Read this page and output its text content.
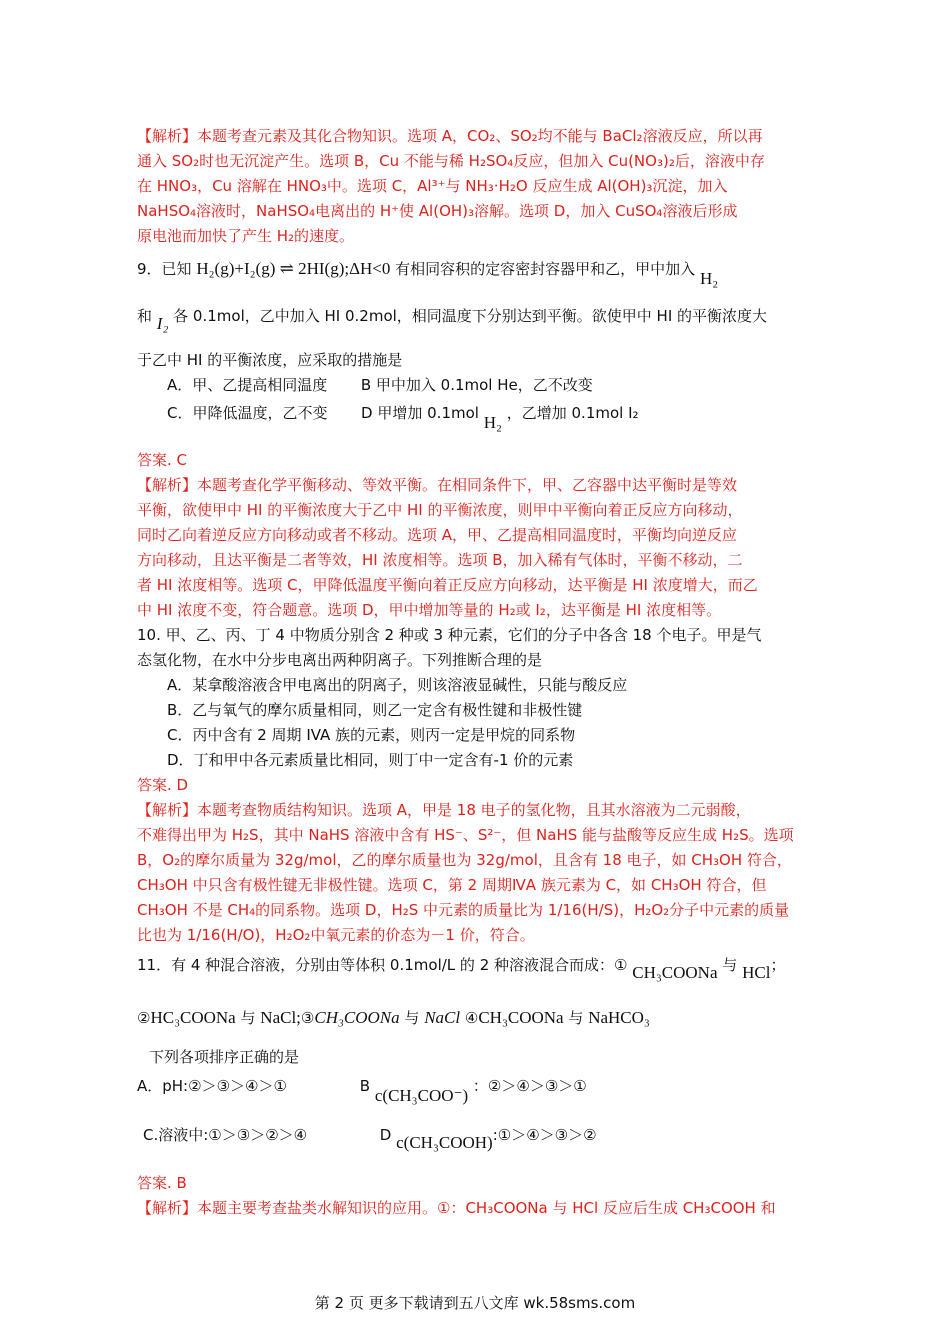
【解析】本题考查元素及其化合物知识。选项 A，CO₂、SO₂均不能与 BaCl₂溶液反应，所以再
通入 SO₂时也无沉淀产生。选项 B，Cu 不能与稀 H₂SO₄反应，但加入 Cu(NO₃)₂后，溶液中存
在 HNO₃，Cu 溶解在 HNO₃中。选项 C，Al³⁺与 NH₃·H₂O 反应生成 Al(OH)₃沉淀，加入
NaHSO₄溶液时，NaHSO₄电离出的 H⁺使 Al(OH)₃溶解。选项 D，加入 CuSO₄溶液后形成
原电池而加快了产生 H₂的速度。
9．已知 H₂(g)+I₂(g) ⇌ 2HI(g);ΔH<0 有相同容积的定容密封容器甲和乙，甲中加入 H₂
和 I₂ 各 0.1mol，乙中加入 HI 0.2mol，相同温度下分别达到平衡。欲使甲中 HI 的平衡浓度大
于乙中 HI 的平衡浓度，应采取的措施是
A．甲、乙提高相同温度 B 甲中加入 0.1mol He，乙不改变
C．甲降低温度，乙不变 D 甲增加 0.1mol H₂ ，乙增加 0.1mol I₂
答案. C
【解析】本题考查化学平衡移动、等效平衡。在相同条件下，甲、乙容器中达平衡时是等效
平衡，欲使甲中 HI 的平衡浓度大于乙中 HI 的平衡浓度，则甲中平衡向着正反应方向移动，
同时乙向着逆反应方向移动或者不移动。选项 A，甲、乙提高相同温度时，平衡均向逆反应
方向移动，且达平衡是二者等效，HI 浓度相等。选项 B，加入稀有气体时，平衡不移动，二
者 HI 浓度相等。选项 C，甲降低温度平衡向着正反应方向移动，达平衡是 HI 浓度增大，而乙
中 HI 浓度不变，符合题意。选项 D，甲中增加等量的 H₂或 I₂，达平衡是 HI 浓度相等。
10. 甲、乙、丙、丁 4 中物质分别含 2 种或 3 种元素，它们的分子中各含 18 个电子。甲是气
态氢化物，在水中分步电离出两种阴离子。下列推断合理的是
A．某拿酸溶液含甲电离出的阴离子，则该溶液显碱性，只能与酸反应
B．乙与氧气的摩尔质量相同，则乙一定含有极性键和非极性键
C．丙中含有 2 周期 IVA 族的元素，则丙一定是甲烷的同系物
D．丁和甲中各元素质量比相同，则丁中一定含有-1 价的元素
答案. D
【解析】本题考查物质结构知识。选项 A，甲是 18 电子的氢化物，且其水溶液为二元弱酸，
不难得出甲为 H₂S，其中 NaHS 溶液中含有 HS⁻、S²⁻，但 NaHS 能与盐酸等反应生成 H₂S。选项
B，O₂的摩尔质量为 32g/mol，乙的摩尔质量也为 32g/mol，且含有 18 电子，如 CH₃OH 符合，
CH₃OH 中只含有极性键无非极性键。选项 C，第 2 周期ⅣA 族元素为 C，如 CH₃OH 符合，但
CH₃OH 不是 CH₄的同系物。选项 D，H₂S 中元素的质量比为 1/16(H/S)，H₂O₂分子中元素的质量
比也为 1/16(H/O)，H₂O₂中氧元素的价态为－1 价，符合。
11．有 4 种混合溶液，分别由等体积 0.1mol/L 的 2 种溶液混合而成：① CH₃COONa 与 HCl；
②HC₃COONa 与 NaCl;③CH₃COONa 与 NaCl ④CH₃COONa 与 NaHCO₃
下列各项排序正确的是
A．pH:②＞③＞④＞①	B c(CH₃COO⁻) ：②＞④＞③＞①
C.溶液中:①＞③＞②＞④	D c(CH₃COOH):①＞④＞③＞②
答案. B
【解析】本题主要考查盐类水解知识的应用。①：CH₃COONa 与 HCl 反应后生成 CH₃COOH 和
第 2 页 更多下载请到五八文库 wk.58sms.com
